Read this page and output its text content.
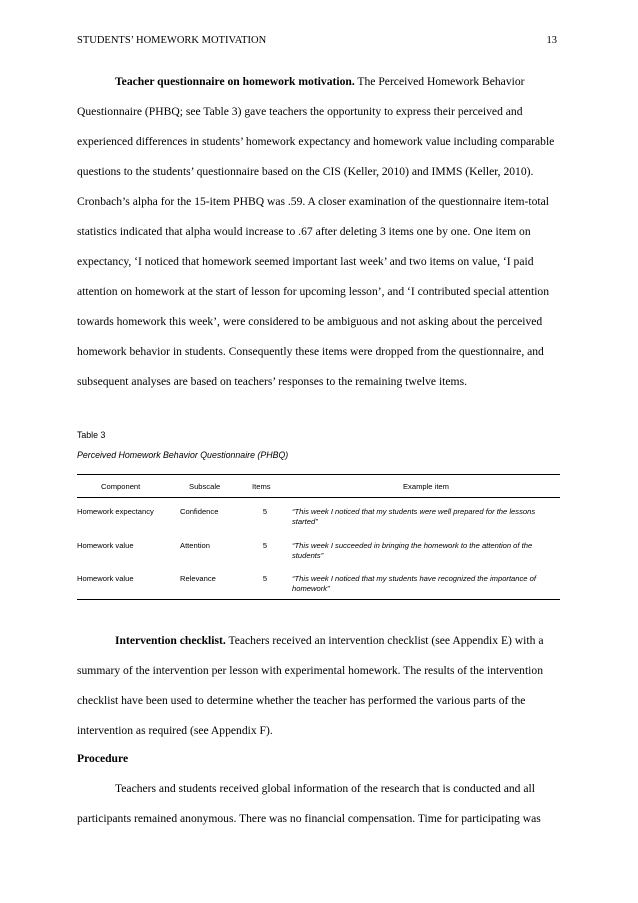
STUDENTS’ HOMEWORK MOTIVATION	13

Teacher questionnaire on homework motivation. The Perceived Homework Behavior Questionnaire (PHBQ; see Table 3) gave teachers the opportunity to express their perceived and experienced differences in students’ homework expectancy and homework value including comparable questions to the students’ questionnaire based on the CIS (Keller, 2010) and IMMS (Keller, 2010). Cronbach’s alpha for the 15-item PHBQ was .59. A closer examination of the questionnaire item-total statistics indicated that alpha would increase to .67 after deleting 3 items one by one. One item on expectancy, ‘I noticed that homework seemed important last week’ and two items on value, ‘I paid attention on homework at the start of lesson for upcoming lesson’, and ‘I contributed special attention towards homework this week’, were considered to be ambiguous and not asking about the perceived homework behavior in students. Consequently these items were dropped from the questionnaire, and subsequent analyses are based on teachers’ responses to the remaining twelve items.

Table 3
Perceived Homework Behavior Questionnaire (PHBQ)
Component	Subscale	Items	Example item
Homework expectancy	Confidence	5	“This week I noticed that my students were well prepared for the lessons started”
Homework value	Attention	5	“This week I succeeded in bringing the homework to the attention of the students”
Homework value	Relevance	5	“This week I noticed that my students have recognized the importance of homework”

Intervention checklist. Teachers received an intervention checklist (see Appendix E) with a summary of the intervention per lesson with experimental homework. The results of the intervention checklist have been used to determine whether the teacher has performed the various parts of the intervention as required (see Appendix F).

Procedure

Teachers and students received global information of the research that is conducted and all participants remained anonymous. There was no financial compensation. Time for participating was
